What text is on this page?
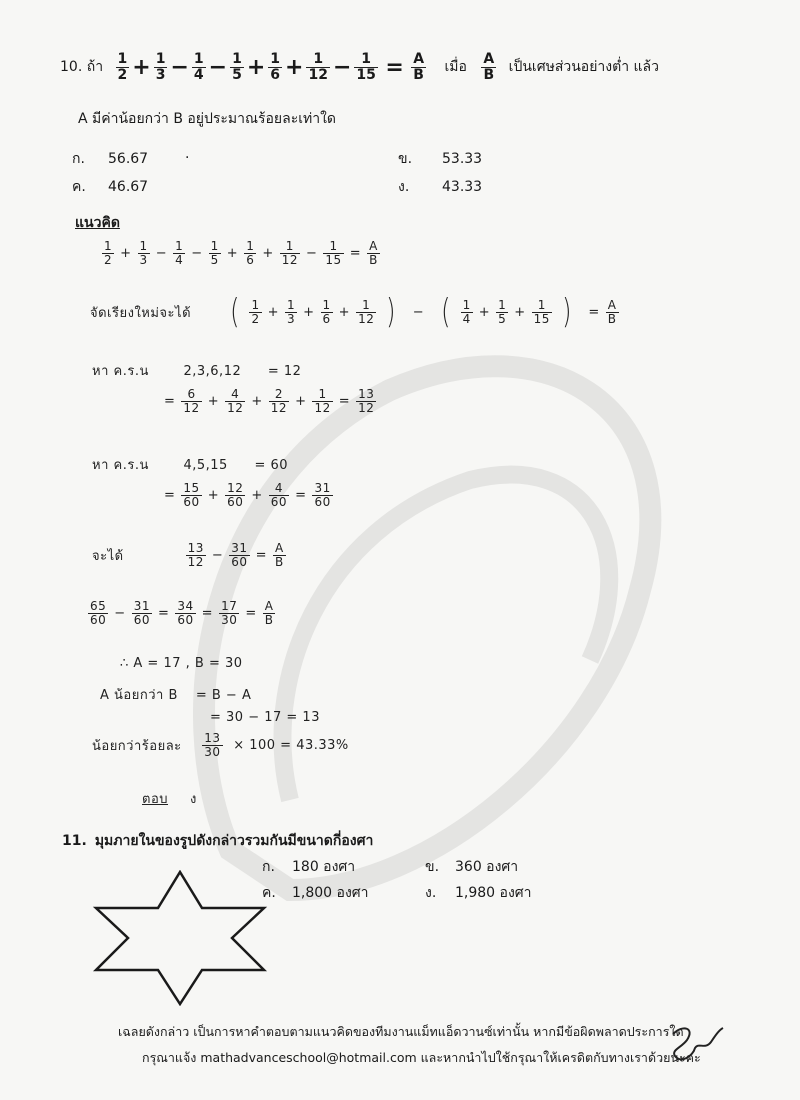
10. ถ้า $\frac{1}{2} + \frac{1}{3} - \frac{1}{4} - \frac{1}{5} + \frac{1}{6} + \frac{1}{12} - \frac{1}{15} = \frac{A}{B}$ เมื่อ $\frac{A}{B}$ เป็นเศษส่วนอย่างต่ำ แล้ว
A มีค่าน้อยกว่า B อยู่ประมาณร้อยละเท่าใด
ก. 56.67	.	ข. 53.33
ค. 46.67	ง. 43.33
แนวคิด
$\frac{1}{2} + \frac{1}{3} - \frac{1}{4} - \frac{1}{5} + \frac{1}{6} + \frac{1}{12} - \frac{1}{15} = \frac{A}{B}$
จัดเรียงใหม่จะได้ ( $\frac{1}{2} + \frac{1}{3} + \frac{1}{6} + \frac{1}{12}$ ) − ( $\frac{1}{4} + \frac{1}{5} + \frac{1}{15}$ ) = $\frac{A}{B}$
หา ค.ร.น	2,3,6,12 = 12
= $\frac{6}{12} + \frac{4}{12} + \frac{2}{12} + \frac{1}{12} = \frac{13}{12}$
หา ค.ร.น	4,5,15 = 60
= $\frac{15}{60} + \frac{12}{60} + \frac{4}{60} = \frac{31}{60}$
จะได้	$\frac{13}{12} - \frac{31}{60} = \frac{A}{B}$
$\frac{65}{60} - \frac{31}{60} = \frac{34}{60} = \frac{17}{30} = \frac{A}{B}$
∴ A = 17 , B = 30
A น้อยกว่า B = B − A
= 30 − 17 = 13
น้อยกว่าร้อยละ $\frac{13}{30} \times 100 = 43.33\%$
ตอบ ง
11. มุมภายในของรูปดังกล่าวรวมกันมีขนาดกี่องศา
ก. 180 องศา	ข. 360 องศา
ค. 1,800 องศา	ง. 1,980 องศา
เฉลยดังกล่าว เป็นการหาคำตอบตามแนวคิดของทีมงานแม็ทแอ็ดวานซ์เท่านั้น หากมีข้อผิดพลาดประการใด
กรุณาแจ้ง mathadvanceschool@hotmail.com และหากนำไปใช้กรุณาให้เครดิตกับทางเราด้วยนะคะ
